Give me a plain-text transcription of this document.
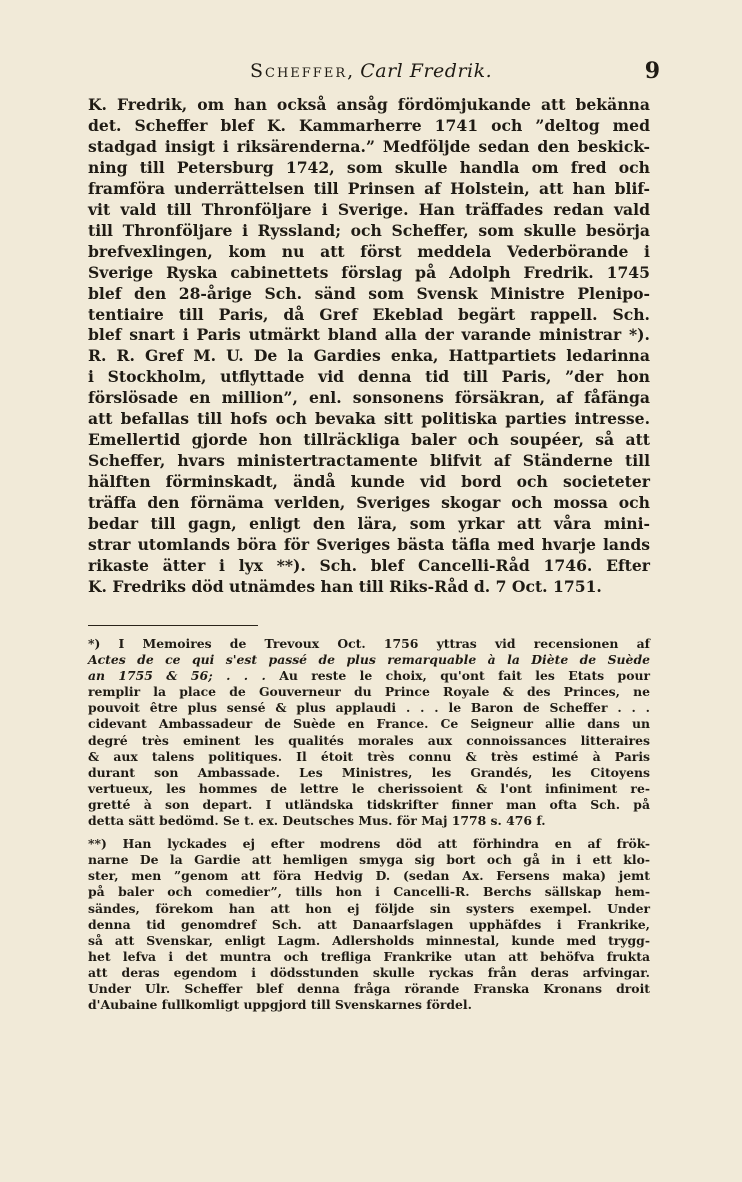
Scheffer, Carl Fredrik.	9
K. Fredrik, om han också ansåg fördömjukande att bekänna
det. Scheffer blef K. Kammarherre 1741 och ”deltog med
stadgad insigt i riksärenderna.” Medföljde sedan den beskick-
ning till Petersburg 1742, som skulle handla om fred och
framföra underrättelsen till Prinsen af Holstein, att han blif-
vit vald till Thronföljare i Sverige. Han träffades redan vald
till Thronföljare i Ryssland; och Scheffer, som skulle besörja
brefvexlingen, kom nu att först meddela Vederbörande i
Sverige Ryska cabinettets förslag på Adolph Fredrik. 1745
blef den 28-årige Sch. sänd som Svensk Ministre Plenipo-
tentiaire till Paris, då Gref Ekeblad begärt rappell. Sch.
blef snart i Paris utmärkt bland alla der varande ministrar *).
R. R. Gref M. U. De la Gardies enka, Hattpartiets ledarinna
i Stockholm, utflyttade vid denna tid till Paris, ”der hon
förslösade en million”, enl. sonsonens försäkran, af fåfänga
att befallas till hofs och bevaka sitt politiska parties intresse.
Emellertid gjorde hon tillräckliga baler och soupéer, så att
Scheffer, hvars ministertractamente blifvit af Ständerne till
hälften förminskadt, ändå kunde vid bord och societeter
träffa den förnäma verlden, Sveriges skogar och mossa och
bedar till gagn, enligt den lära, som yrkar att våra mini-
strar utomlands böra för Sveriges bästa täfla med hvarje lands
rikaste ätter i lyx **). Sch. blef Cancelli-Råd 1746. Efter
K. Fredriks död utnämdes han till Riks-Råd d. 7 Oct. 1751.
*) I Memoires de Trevoux Oct. 1756 yttras vid recensionen af
Actes de ce qui s'est passé de plus remarquable à la Diète de Suède
an 1755 & 56; . . . Au reste le choix, qu'ont fait les Etats pour
remplir la place de Gouverneur du Prince Royale & des Princes, ne
pouvoit être plus sensé & plus applaudi . . . le Baron de Scheffer . . .
cidevant Ambassadeur de Suède en France. Ce Seigneur allie dans un
degré très eminent les qualités morales aux connoissances litteraires
& aux talens politiques. Il étoit très connu & très estimé à Paris
durant son Ambassade. Les Ministres, les Grandés, les Citoyens
vertueux, les hommes de lettre le cherissoient & l'ont infiniment re-
gretté à son depart. I utländska tidskrifter finner man ofta Sch. på
detta sätt bedömd. Se t. ex. Deutsches Mus. för Maj 1778 s. 476 f.
**) Han lyckades ej efter modrens död att förhindra en af frök-
narne De la Gardie att hemligen smyga sig bort och gå in i ett klo-
ster, men ”genom att föra Hedvig D. (sedan Ax. Fersens maka) jemt
på baler och comedier”, tills hon i Cancelli-R. Berchs sällskap hem-
sändes, förekom han att hon ej följde sin systers exempel. Under
denna tid genomdref Sch. att Danaarfslagen upphäfdes i Frankrike,
så att Svenskar, enligt Lagm. Adlersholds minnestal, kunde med trygg-
het lefva i det muntra och trefliga Frankrike utan att behöfva frukta
att deras egendom i dödsstunden skulle ryckas från deras arfvingar.
Under Ulr. Scheffer blef denna fråga rörande Franska Kronans droit
d'Aubaine fullkomligt uppgjord till Svenskarnes fördel.
